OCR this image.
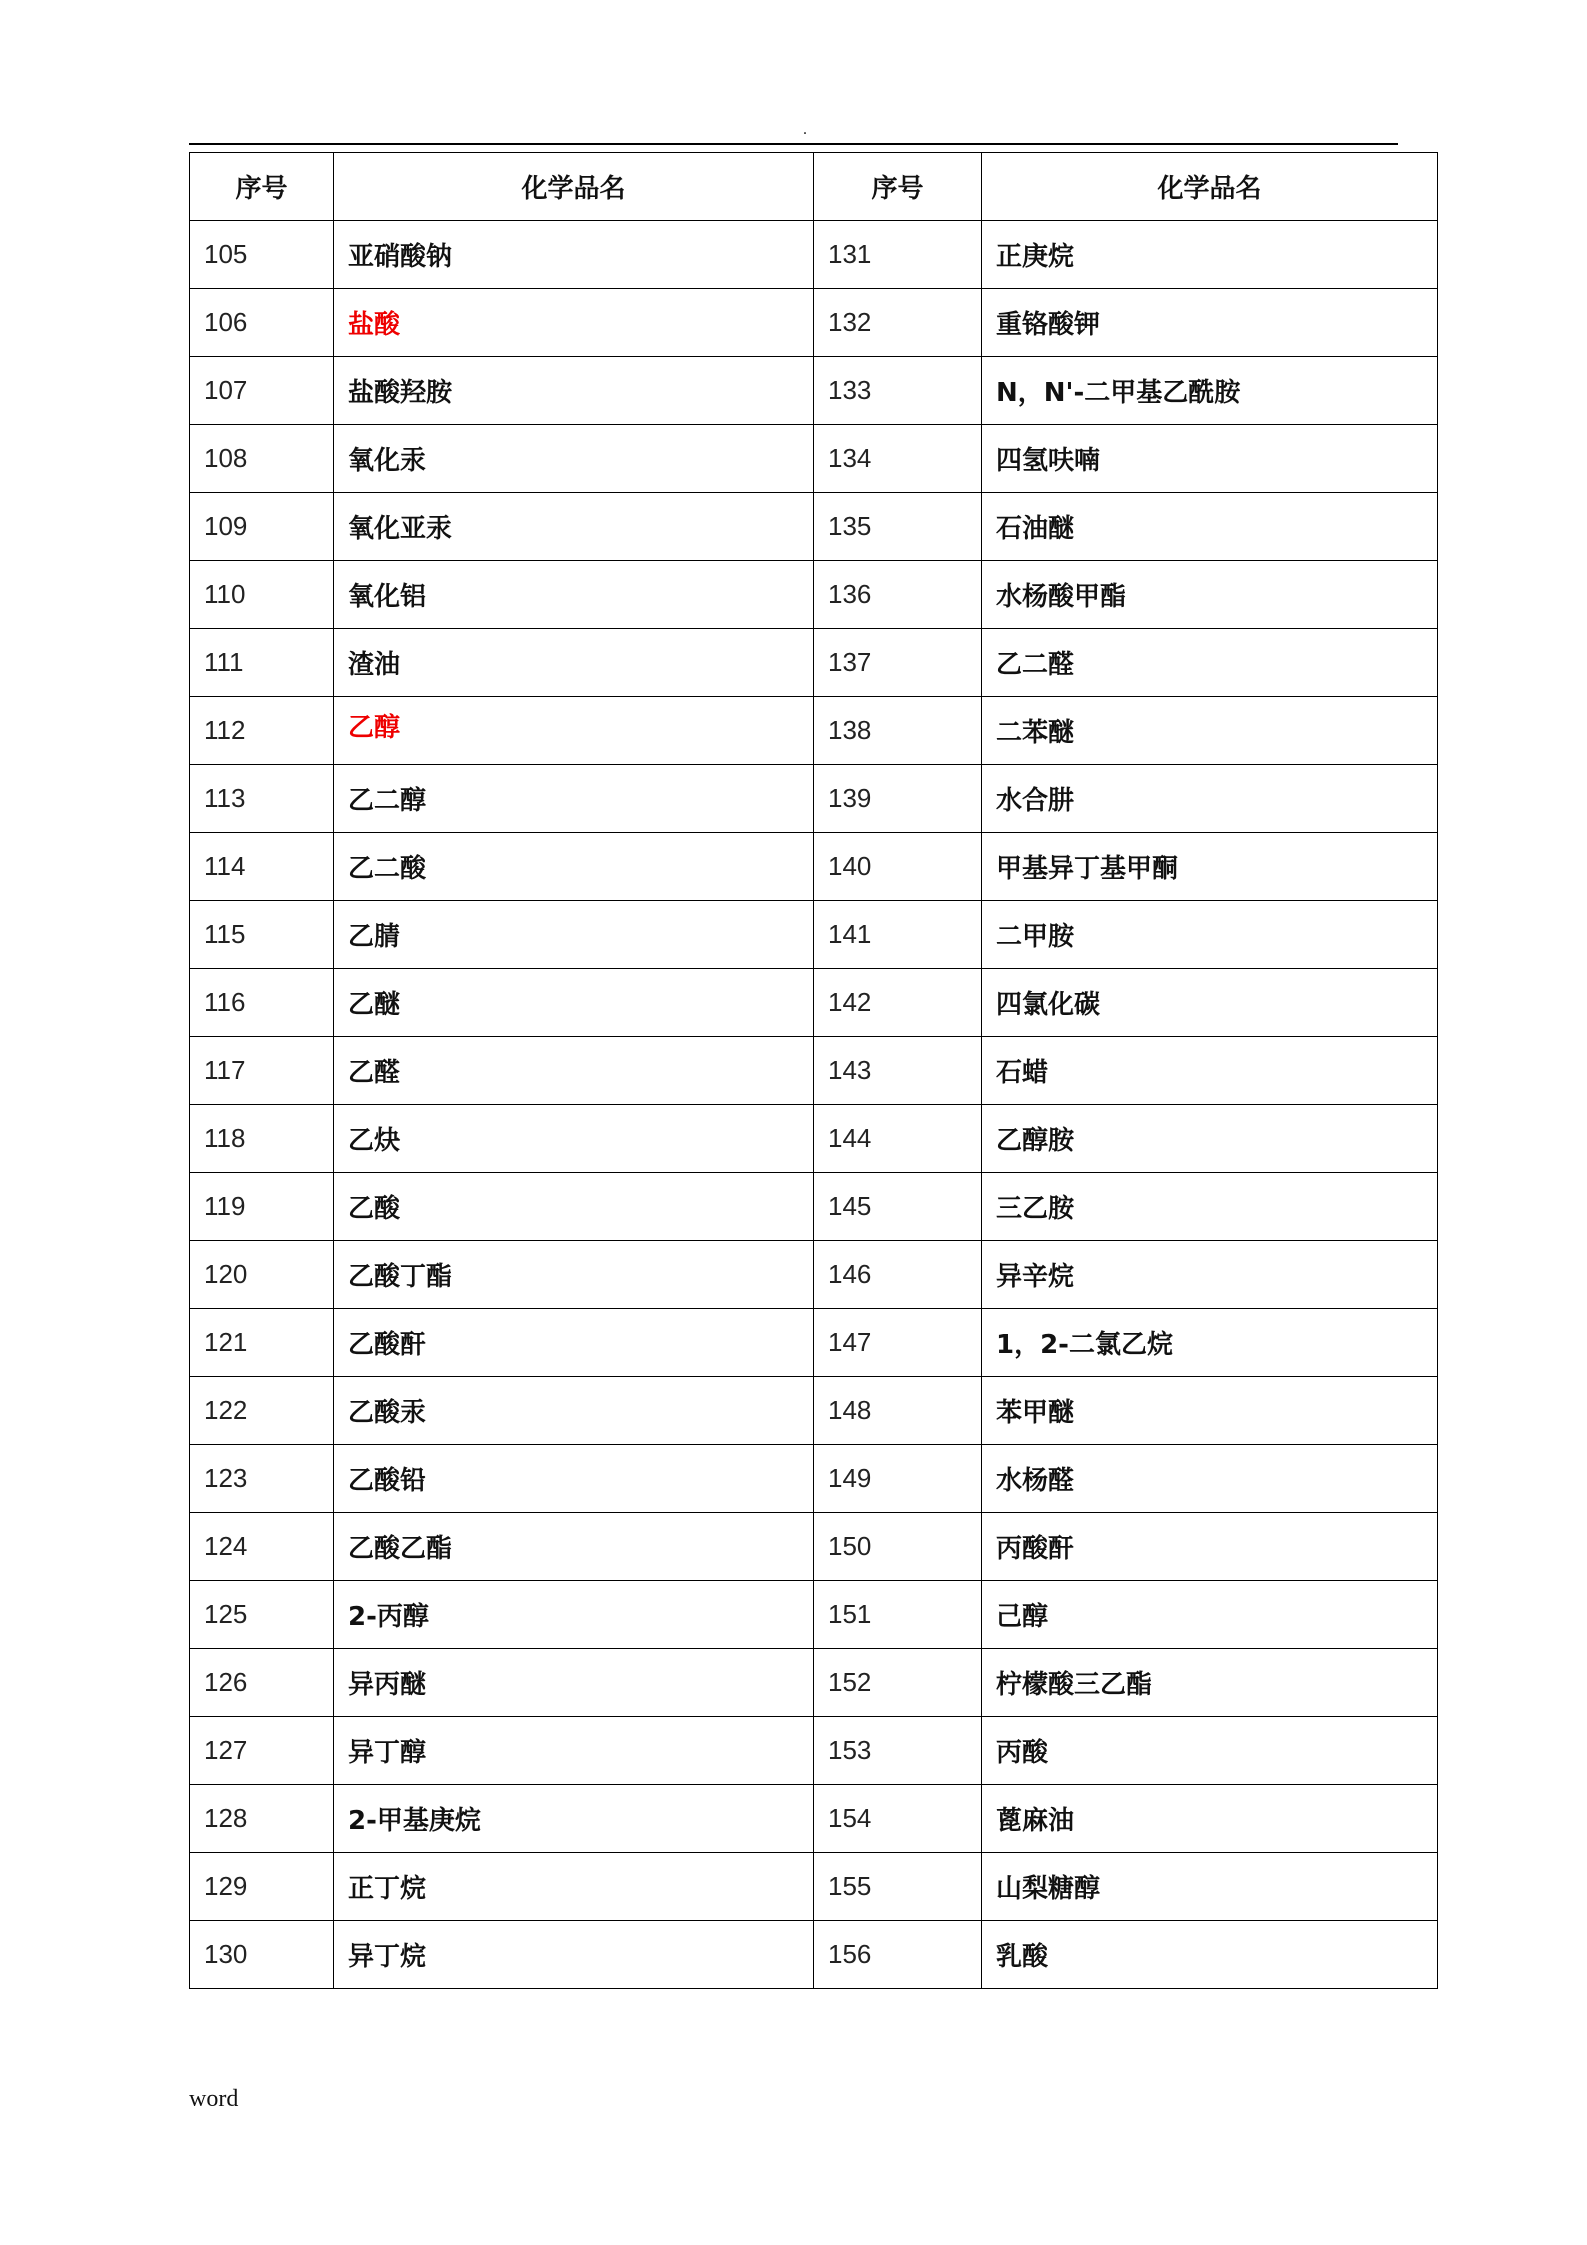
.
序号	化学品名	序号	化学品名
105	亚硝酸钠	131	正庚烷
106	盐酸	132	重铬酸钾
107	盐酸羟胺	133	N，N'-二甲基乙酰胺
108	氧化汞	134	四氢呋喃
109	氧化亚汞	135	石油醚
110	氧化铝	136	水杨酸甲酯
111	渣油	137	乙二醛
112	乙醇	138	二苯醚
113	乙二醇	139	水合肼
114	乙二酸	140	甲基异丁基甲酮
115	乙腈	141	二甲胺
116	乙醚	142	四氯化碳
117	乙醛	143	石蜡
118	乙炔	144	乙醇胺
119	乙酸	145	三乙胺
120	乙酸丁酯	146	异辛烷
121	乙酸酐	147	1，2-二氯乙烷
122	乙酸汞	148	苯甲醚
123	乙酸铅	149	水杨醛
124	乙酸乙酯	150	丙酸酐
125	2-丙醇	151	己醇
126	异丙醚	152	柠檬酸三乙酯
127	异丁醇	153	丙酸
128	2-甲基庚烷	154	蓖麻油
129	正丁烷	155	山梨糖醇
130	异丁烷	156	乳酸
word
